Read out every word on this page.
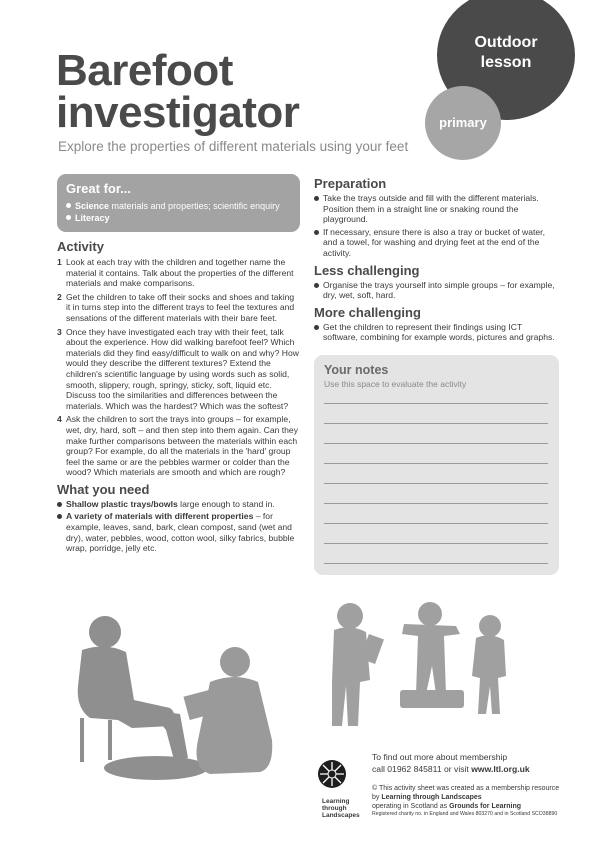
Barefoot
investigator
Explore the properties of different materials using your feet
Outdoor
lesson
primary
Great for...
Science materials and properties; scientific enquiry
Literacy
Activity
1 Look at each tray with the children and together name the material it contains. Talk about the properties of the different materials and make comparisons.
2 Get the children to take off their socks and shoes and taking it in turns step into the different trays to feel the textures and sensations of the different materials with their bare feet.
3 Once they have investigated each tray with their feet, talk about the experience. How did walking barefoot feel? Which materials did they find easy/difficult to walk on and why? How would they describe the different textures? Extend the children's scientific language by using words such as solid, smooth, slippery, rough, springy, sticky, soft, liquid etc. Discuss too the similarities and differences between the materials. Which was the hardest? Which was the softest?
4 Ask the children to sort the trays into groups – for example, wet, dry, hard, soft – and then step into them again. Can they make further comparisons between the materials within each group? For example, do all the materials in the 'hard' group feel the same or are the pebbles warmer or colder than the wood? Which materials are smooth and which are rough?
What you need
Shallow plastic trays/bowls large enough to stand in.
A variety of materials with different properties – for example, leaves, sand, bark, clean compost, sand (wet and dry), water, pebbles, wood, cotton wool, silky fabrics, bubble wrap, porridge, jelly etc.
Preparation
Take the trays outside and fill with the different materials. Position them in a straight line or snaking round the playground.
If necessary, ensure there is also a tray or bucket of water, and a towel, for washing and drying feet at the end of the activity.
Less challenging
Organise the trays yourself into simple groups – for example, dry, wet, soft, hard.
More challenging
Get the children to represent their findings using ICT software, combining for example words, pictures and graphs.
Your notes
Use this space to evaluate the activity
Learning
through
Landscapes
To find out more about membership
call 01962 845811 or visit www.ltl.org.uk
© This activity sheet was created as a membership resource by Learning through Landscapes
operating in Scotland as Grounds for Learning
Registered charity no. in England and Wales 803270 and in Scotland SCO38890
